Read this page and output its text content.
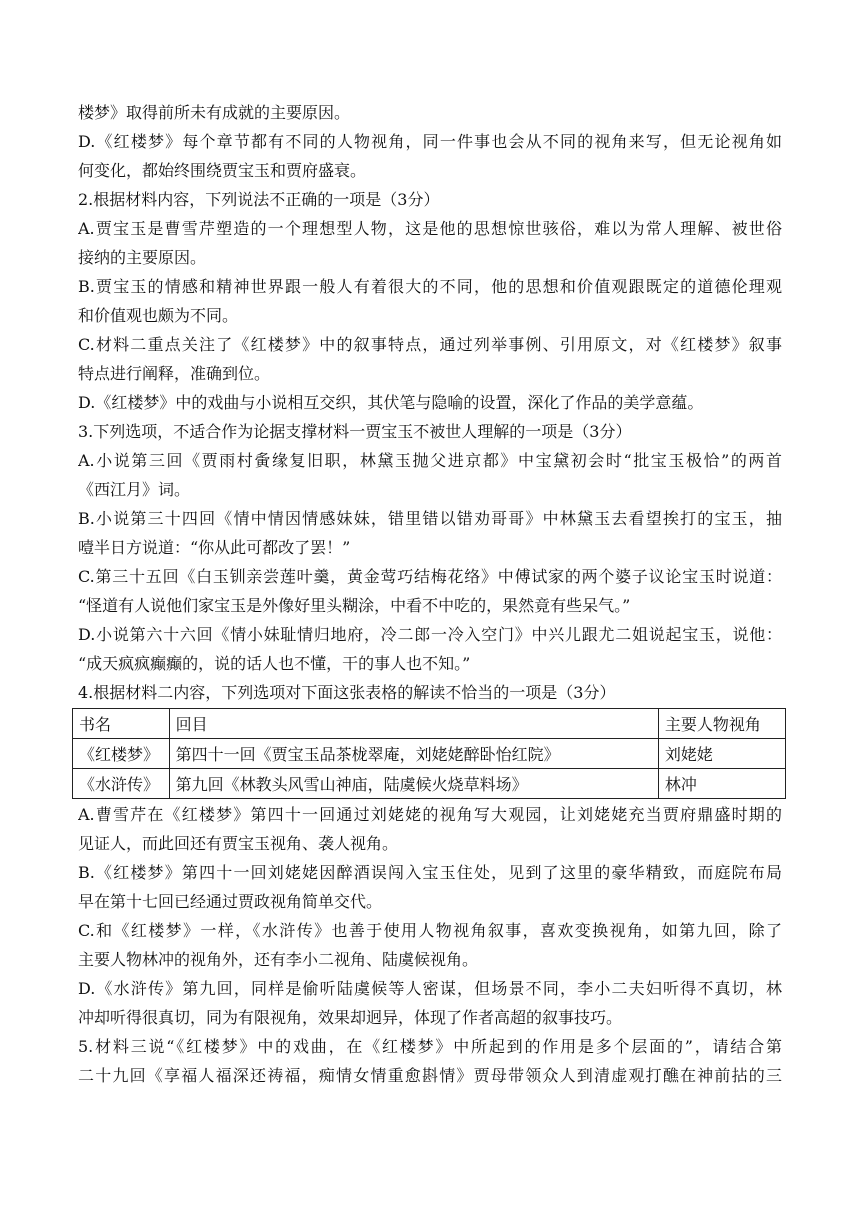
楼梦》取得前所未有成就的主要原因。
D.《红楼梦》每个章节都有不同的人物视角，同一件事也会从不同的视角来写，但无论视角如
何变化，都始终围绕贾宝玉和贾府盛衰。
2.根据材料内容，下列说法不正确的一项是（3分）
A.贾宝玉是曹雪芹塑造的一个理想型人物，这是他的思想惊世骇俗，难以为常人理解、被世俗
接纳的主要原因。
B.贾宝玉的情感和精神世界跟一般人有着很大的不同，他的思想和价值观跟既定的道德伦理观
和价值观也颇为不同。
C.材料二重点关注了《红楼梦》中的叙事特点，通过列举事例、引用原文，对《红楼梦》叙事
特点进行阐释，准确到位。
D.《红楼梦》中的戏曲与小说相互交织，其伏笔与隐喻的设置，深化了作品的美学意蕴。
3.下列选项，不适合作为论据支撑材料一贾宝玉不被世人理解的一项是（3分）
A.小说第三回《贾雨村夤缘复旧职，林黛玉抛父进京都》中宝黛初会时“批宝玉极恰”的两首
《西江月》词。
B.小说第三十四回《情中情因情感妹妹，错里错以错劝哥哥》中林黛玉去看望挨打的宝玉，抽
噎半日方说道：“你从此可都改了罢！”
C.第三十五回《白玉钏亲尝莲叶羹，黄金莺巧结梅花络》中傅试家的两个婆子议论宝玉时说道：
“怪道有人说他们家宝玉是外像好里头糊涂，中看不中吃的，果然竟有些呆气。”
D.小说第六十六回《情小妹耻情归地府，冷二郎一冷入空门》中兴儿跟尤二姐说起宝玉，说他：
“成天疯疯癫癫的，说的话人也不懂，干的事人也不知。”
4.根据材料二内容，下列选项对下面这张表格的解读不恰当的一项是（3分）
书名	回目	主要人物视角
《红楼梦》	第四十一回《贾宝玉品茶栊翠庵，刘姥姥醉卧怡红院》	刘姥姥
《水浒传》	第九回《林教头风雪山神庙，陆虞候火烧草料场》	林冲
A.曹雪芹在《红楼梦》第四十一回通过刘姥姥的视角写大观园，让刘姥姥充当贾府鼎盛时期的
见证人，而此回还有贾宝玉视角、袭人视角。
B.《红楼梦》第四十一回刘姥姥因醉酒误闯入宝玉住处，见到了这里的豪华精致，而庭院布局
早在第十七回已经通过贾政视角简单交代。
C.和《红楼梦》一样，《水浒传》也善于使用人物视角叙事，喜欢变换视角，如第九回，除了
主要人物林冲的视角外，还有李小二视角、陆虞候视角。
D.《水浒传》第九回，同样是偷听陆虞候等人密谋，但场景不同，李小二夫妇听得不真切，林
冲却听得很真切，同为有限视角，效果却迥异，体现了作者高超的叙事技巧。
5.材料三说“《红楼梦》中的戏曲，在《红楼梦》中所起到的作用是多个层面的”，请结合第
二十九回《享福人福深还祷福，痴情女情重愈斟情》贾母带领众人到清虚观打醮在神前拈的三
